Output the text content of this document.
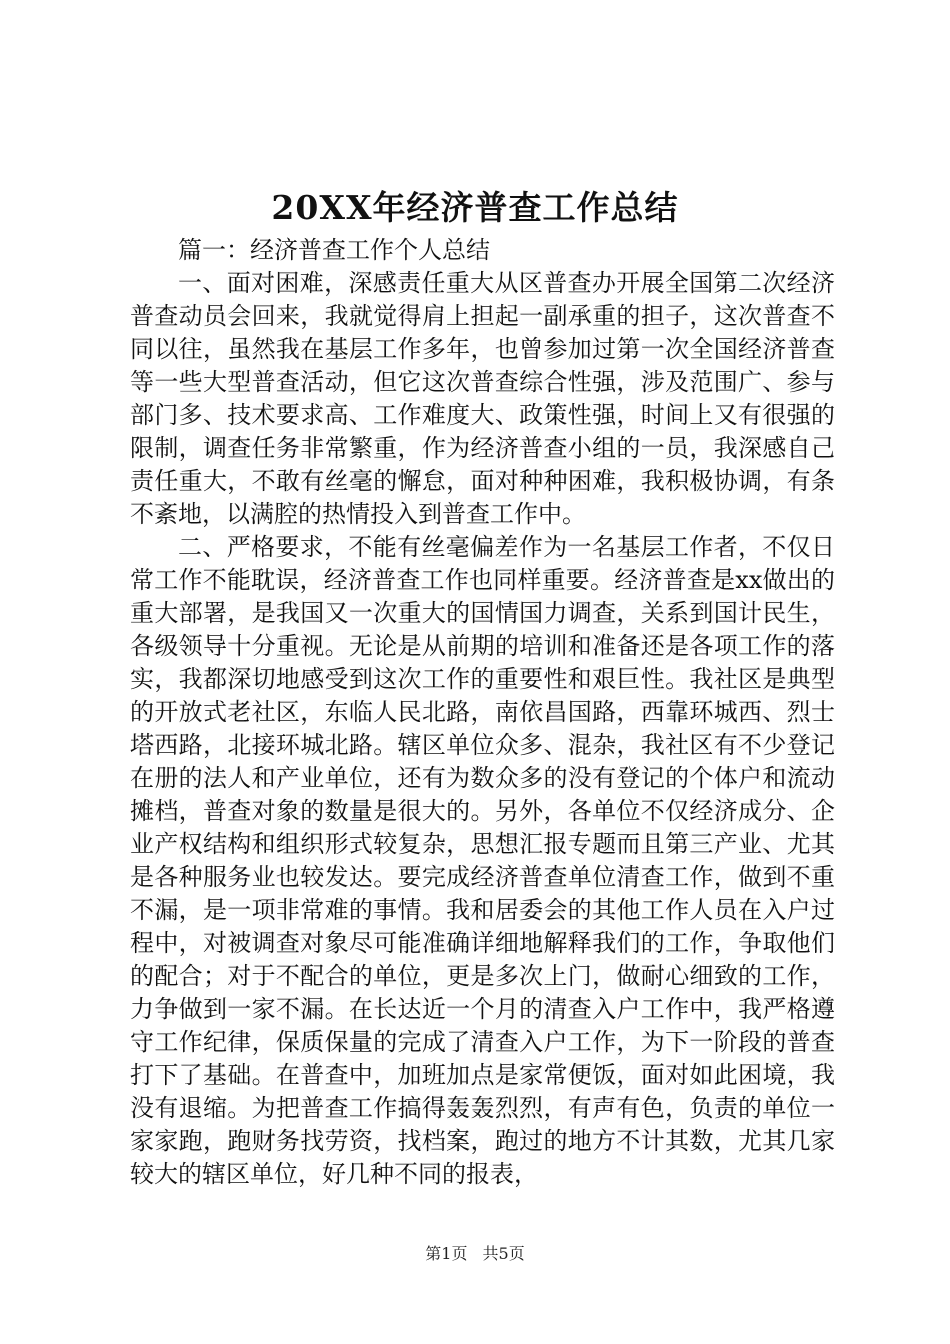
20XX年经济普查工作总结

篇一：经济普查工作个人总结

一、面对困难，深感责任重大从区普查办开展全国第二次经济普查动员会回来，我就觉得肩上担起一副承重的担子，这次普查不同以往，虽然我在基层工作多年，也曾参加过第一次全国经济普查等一些大型普查活动，但它这次普查综合性强，涉及范围广、参与部门多、技术要求高、工作难度大、政策性强，时间上又有很强的限制，调查任务非常繁重，作为经济普查小组的一员，我深感自己责任重大，不敢有丝毫的懈怠，面对种种困难，我积极协调，有条不紊地，以满腔的热情投入到普查工作中。

二、严格要求，不能有丝毫偏差作为一名基层工作者，不仅日常工作不能耽误，经济普查工作也同样重要。经济普查是xx做出的重大部署，是我国又一次重大的国情国力调查，关系到国计民生，各级领导十分重视。无论是从前期的培训和准备还是各项工作的落实，我都深切地感受到这次工作的重要性和艰巨性。我社区是典型的开放式老社区，东临人民北路，南依昌国路，西靠环城西、烈士塔西路，北接环城北路。辖区单位众多、混杂，我社区有不少登记在册的法人和产业单位，还有为数众多的没有登记的个体户和流动摊档，普查对象的数量是很大的。另外，各单位不仅经济成分、企业产权结构和组织形式较复杂，思想汇报专题而且第三产业、尤其是各种服务业也较发达。要完成经济普查单位清查工作，做到不重不漏，是一项非常难的事情。我和居委会的其他工作人员在入户过程中，对被调查对象尽可能准确详细地解释我们的工作，争取他们的配合；对于不配合的单位，更是多次上门，做耐心细致的工作，力争做到一家不漏。在长达近一个月的清查入户工作中，我严格遵守工作纪律，保质保量的完成了清查入户工作，为下一阶段的普查打下了基础。在普查中，加班加点是家常便饭，面对如此困境，我没有退缩。为把普查工作搞得轰轰烈烈，有声有色，负责的单位一家家跑，跑财务找劳资，找档案，跑过的地方不计其数，尤其几家较大的辖区单位，好几种不同的报表，

第1页 共5页
